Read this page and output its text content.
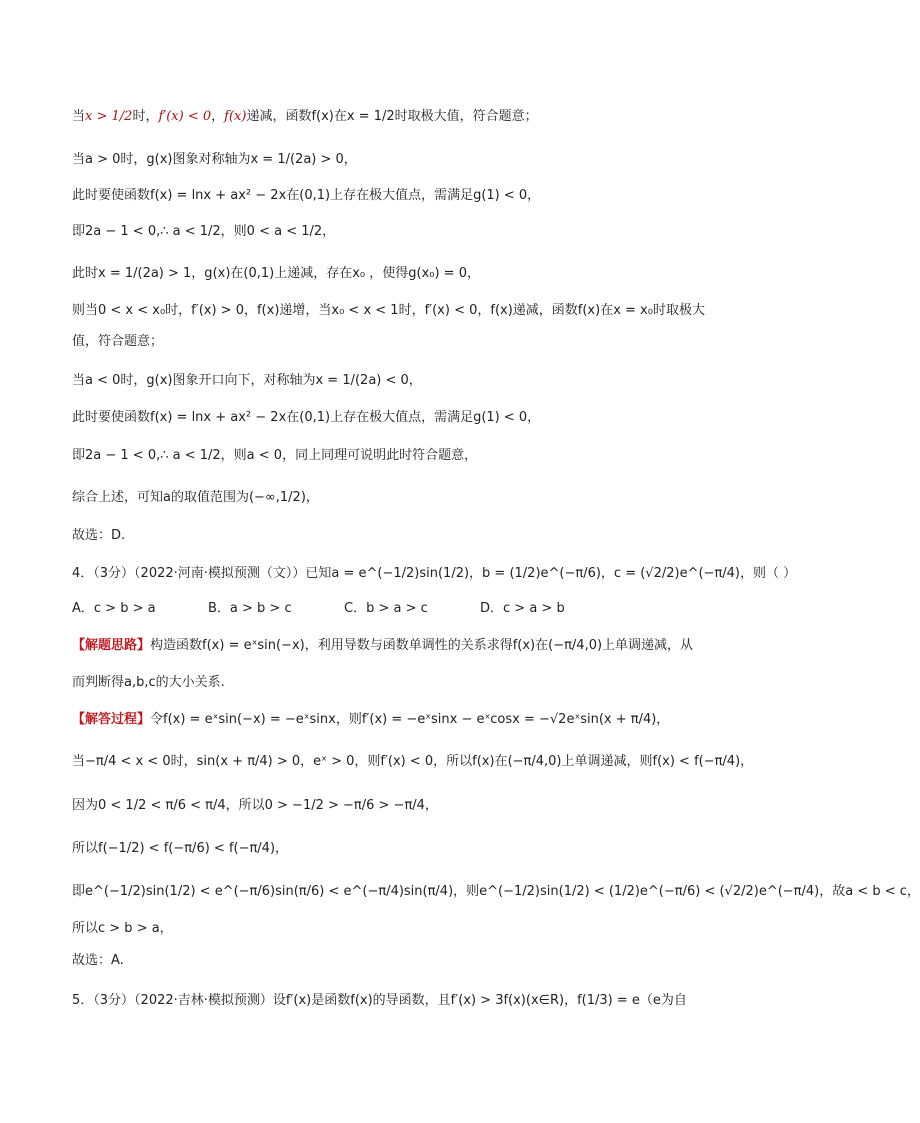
当x > 1/2时，f′(x) < 0，f(x)递减，函数f(x)在x = 1/2时取极大值，符合题意；
当a > 0时，g(x)图象对称轴为x = 1/(2a) > 0，
此时要使函数f(x) = lnx + ax² − 2x在(0,1)上存在极大值点，需满足g(1) < 0，
即2a − 1 < 0,∴ a < 1/2，则0 < a < 1/2，
此时x = 1/(2a) > 1，g(x)在(0,1)上递减，存在x₀ ，使得g(x₀) = 0，
则当0 < x < x₀时，f′(x) > 0，f(x)递增，当x₀ < x < 1时，f′(x) < 0，f(x)递减，函数f(x)在x = x₀时取极大
值，符合题意；
当a < 0时，g(x)图象开口向下，对称轴为x = 1/(2a) < 0，
此时要使函数f(x) = lnx + ax² − 2x在(0,1)上存在极大值点，需满足g(1) < 0，
即2a − 1 < 0,∴ a < 1/2，则a < 0，同上同理可说明此时符合题意，
综合上述，可知a的取值范围为(−∞,1/2)，
故选：D.
4．（3分）（2022·河南·模拟预测（文））已知a = e^(−1/2)sin(1/2)，b = (1/2)e^(−π/6)，c = (√2/2)e^(−π/4)，则（ ）
A．c > b > a	B．a > b > c	C．b > a > c	D．c > a > b
【解题思路】构造函数f(x) = eˣsin(−x)，利用导数与函数单调性的关系求得f(x)在(−π/4,0)上单调递减，从
而判断得a,b,c的大小关系.
【解答过程】令f(x) = eˣsin(−x) = −eˣsinx，则f′(x) = −eˣsinx − eˣcosx = −√2eˣsin(x + π/4)，
当−π/4 < x < 0时，sin(x + π/4) > 0，eˣ > 0，则f′(x) < 0，所以f(x)在(−π/4,0)上单调递减，则f(x) < f(−π/4)，
因为0 < 1/2 < π/6 < π/4，所以0 > −1/2 > −π/6 > −π/4，
所以f(−1/2) < f(−π/6) < f(−π/4)，
即e^(−1/2)sin(1/2) < e^(−π/6)sin(π/6) < e^(−π/4)sin(π/4)，则e^(−1/2)sin(1/2) < (1/2)e^(−π/6) < (√2/2)e^(−π/4)，故a < b < c，
所以c > b > a，
故选：A.
5．（3分）（2022·吉林·模拟预测）设f′(x)是函数f(x)的导函数，且f′(x) > 3f(x)(x∈R)，f(1/3) = e（e为自
